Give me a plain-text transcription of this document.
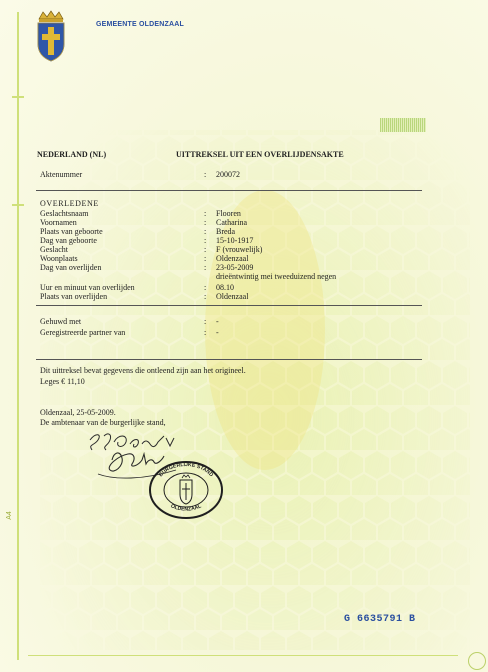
A4
GEMEENTE OLDENZAAL
NEDERLAND (NL)	UITTREKSEL UIT EEN OVERLIJDENSAKTE
Aktenummer	: 200072
OVERLEDENE
Geslachtsnaam	: Flooren
Voornamen	: Catharina
Plaats van geboorte	: Breda
Dag van geboorte	: 15-10-1917
Geslacht	: F (vrouwelijk)
Woonplaats	: Oldenzaal
Dag van overlijden	: 23-05-2009
drieëntwintig mei tweeduizend negen
Uur en minuut van overlijden	: 08.10
Plaats van overlijden	: Oldenzaal
Gehuwd met	: -
Geregistreerde partner van	: -
Dit uittreksel bevat gegevens die ontleend zijn aan het origineel.
Leges € 11,10
Oldenzaal, 25-05-2009.
De ambtenaar van de burgerlijke stand,
BURGERLIJKE STAND
OLDENZAAL
G 6635791 B
